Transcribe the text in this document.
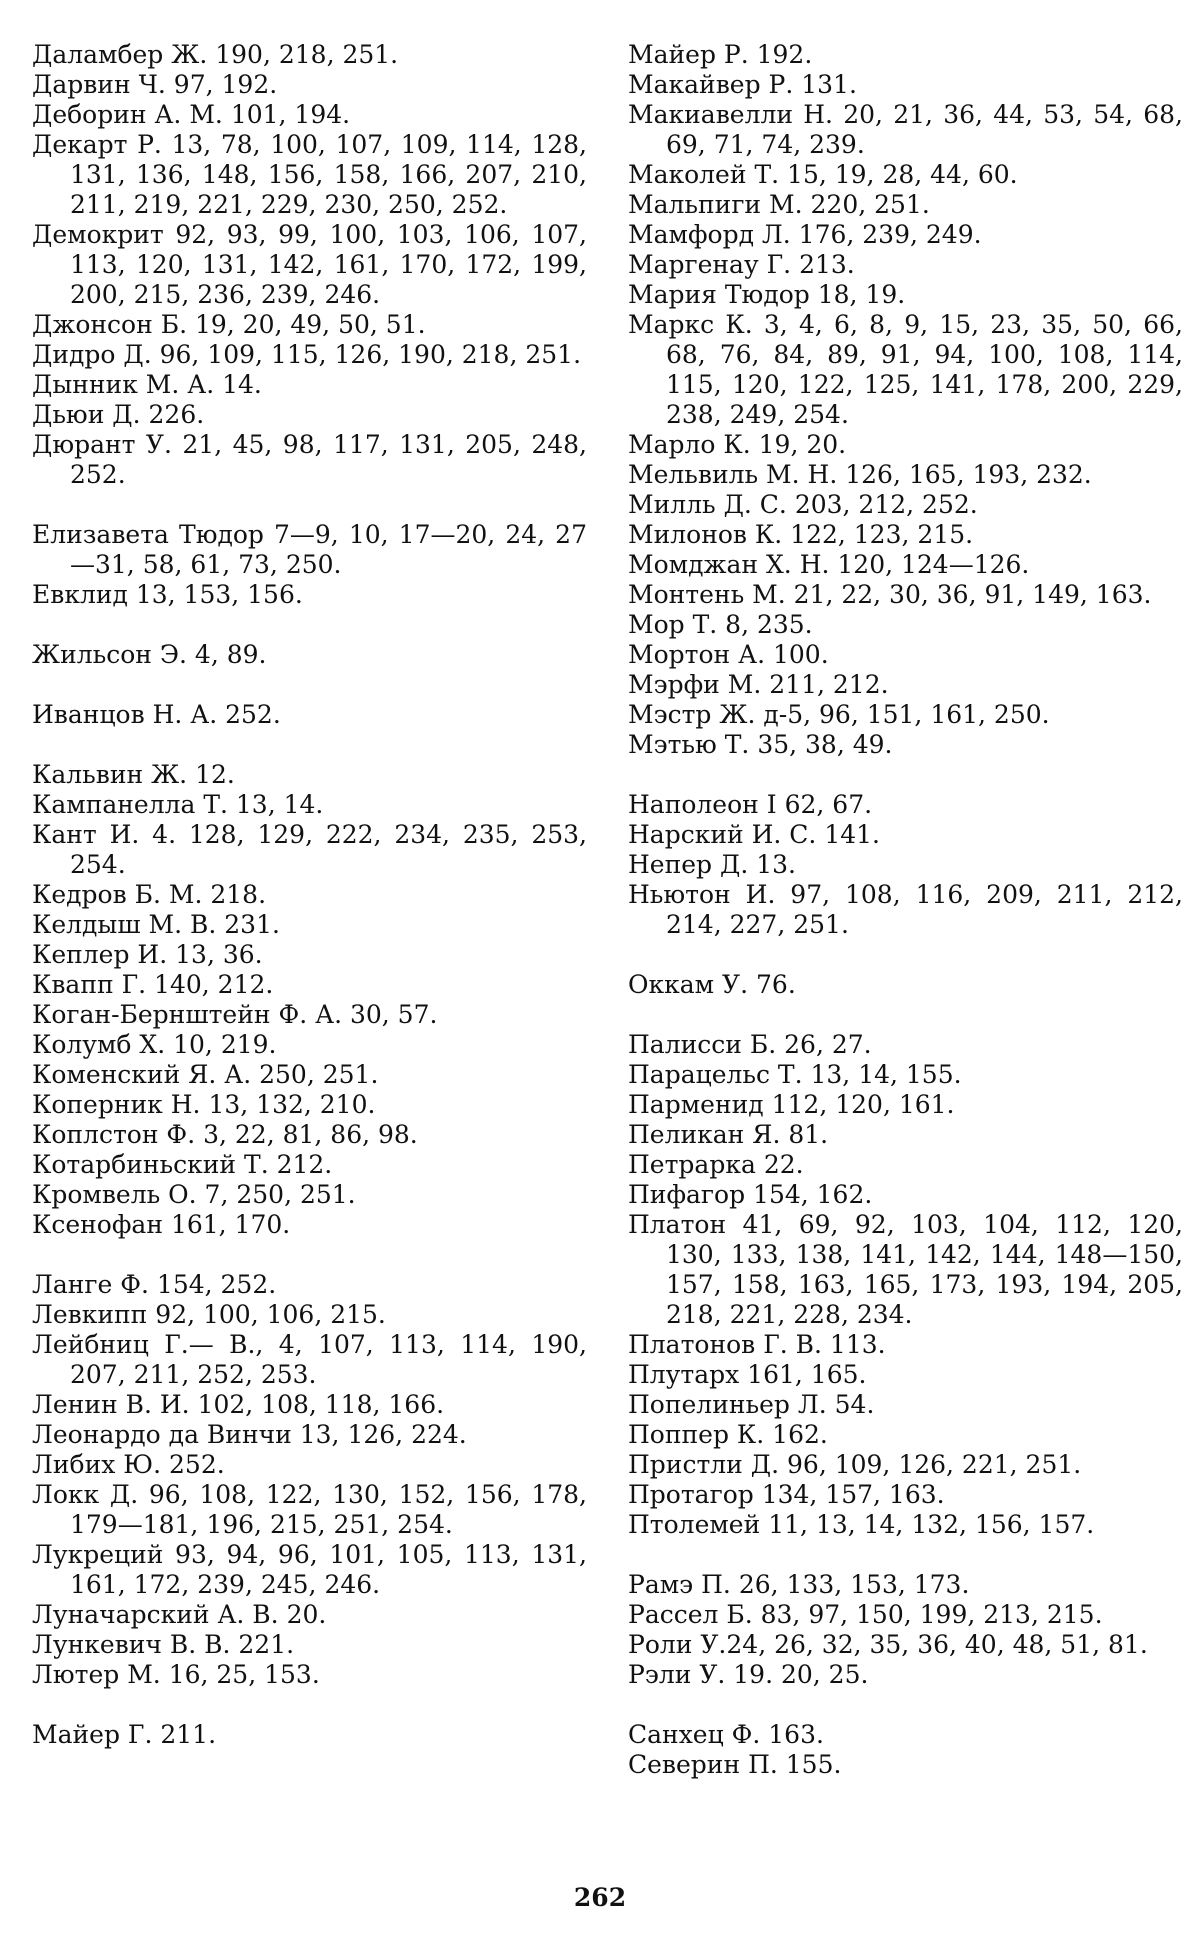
Даламбер Ж. 190, 218, 251.
Дарвин Ч. 97, 192.
Деборин А. М. 101, 194.
Декарт Р. 13, 78, 100, 107, 109, 114, 128, 131, 136, 148, 156, 158, 166, 207, 210, 211, 219, 221, 229, 230, 250, 252.
Демокрит 92, 93, 99, 100, 103, 106, 107, 113, 120, 131, 142, 161, 170, 172, 199, 200, 215, 236, 239, 246.
Джонсон Б. 19, 20, 49, 50, 51.
Дидро Д. 96, 109, 115, 126, 190, 218, 251.
Дынник М. А. 14.
Дьюи Д. 226.
Дюрант У. 21, 45, 98, 117, 131, 205, 248, 252.
Елизавета Тюдор 7—9, 10, 17—20, 24, 27—31, 58, 61, 73, 250.
Евклид 13, 153, 156.
Жильсон Э. 4, 89.
Иванцов Н. А. 252.
Кальвин Ж. 12.
Кампанелла Т. 13, 14.
Кант И. 4. 128, 129, 222, 234, 235, 253, 254.
Кедров Б. М. 218.
Келдыш М. В. 231.
Кеплер И. 13, 36.
Квапп Г. 140, 212.
Коган-Бернштейн Ф. А. 30, 57.
Колумб Х. 10, 219.
Коменский Я. А. 250, 251.
Коперник Н. 13, 132, 210.
Коплстон Ф. 3, 22, 81, 86, 98.
Котарбиньский Т. 212.
Кромвель О. 7, 250, 251.
Ксенофан 161, 170.
Ланге Ф. 154, 252.
Левкипп 92, 100, 106, 215.
Лейбниц Г.— В., 4, 107, 113, 114, 190, 207, 211, 252, 253.
Ленин В. И. 102, 108, 118, 166.
Леонардо да Винчи 13, 126, 224.
Либих Ю. 252.
Локк Д. 96, 108, 122, 130, 152, 156, 178, 179—181, 196, 215, 251, 254.
Лукреций 93, 94, 96, 101, 105, 113, 131, 161, 172, 239, 245, 246.
Луначарский А. В. 20.
Лункевич В. В. 221.
Лютер М. 16, 25, 153.
Майер Г. 211.
Майер Р. 192.
Макайвер Р. 131.
Макиавелли Н. 20, 21, 36, 44, 53, 54, 68, 69, 71, 74, 239.
Маколей Т. 15, 19, 28, 44, 60.
Мальпиги М. 220, 251.
Мамфорд Л. 176, 239, 249.
Маргенау Г. 213.
Мария Тюдор 18, 19.
Маркс К. 3, 4, 6, 8, 9, 15, 23, 35, 50, 66, 68, 76, 84, 89, 91, 94, 100, 108, 114, 115, 120, 122, 125, 141, 178, 200, 229, 238, 249, 254.
Марло К. 19, 20.
Мельвиль М. Н. 126, 165, 193, 232.
Милль Д. С. 203, 212, 252.
Милонов К. 122, 123, 215.
Момджан Х. Н. 120, 124—126.
Монтень М. 21, 22, 30, 36, 91, 149, 163.
Мор Т. 8, 235.
Мортон А. 100.
Мэрфи М. 211, 212.
Мэстр Ж. д-5, 96, 151, 161, 250.
Мэтью Т. 35, 38, 49.
Наполеон I 62, 67.
Нарский И. С. 141.
Непер Д. 13.
Ньютон И. 97, 108, 116, 209, 211, 212, 214, 227, 251.
Оккам У. 76.
Палисси Б. 26, 27.
Парацельс Т. 13, 14, 155.
Парменид 112, 120, 161.
Пеликан Я. 81.
Петрарка 22.
Пифагор 154, 162.
Платон 41, 69, 92, 103, 104, 112, 120, 130, 133, 138, 141, 142, 144, 148—150, 157, 158, 163, 165, 173, 193, 194, 205, 218, 221, 228, 234.
Платонов Г. В. 113.
Плутарх 161, 165.
Попелиньер Л. 54.
Поппер К. 162.
Пристли Д. 96, 109, 126, 221, 251.
Протагор 134, 157, 163.
Птолемей 11, 13, 14, 132, 156, 157.
Рамэ П. 26, 133, 153, 173.
Рассел Б. 83, 97, 150, 199, 213, 215.
Роли У.24, 26, 32, 35, 36, 40, 48, 51, 81.
Рэли У. 19. 20, 25.
Санхец Ф. 163.
Северин П. 155.
262
